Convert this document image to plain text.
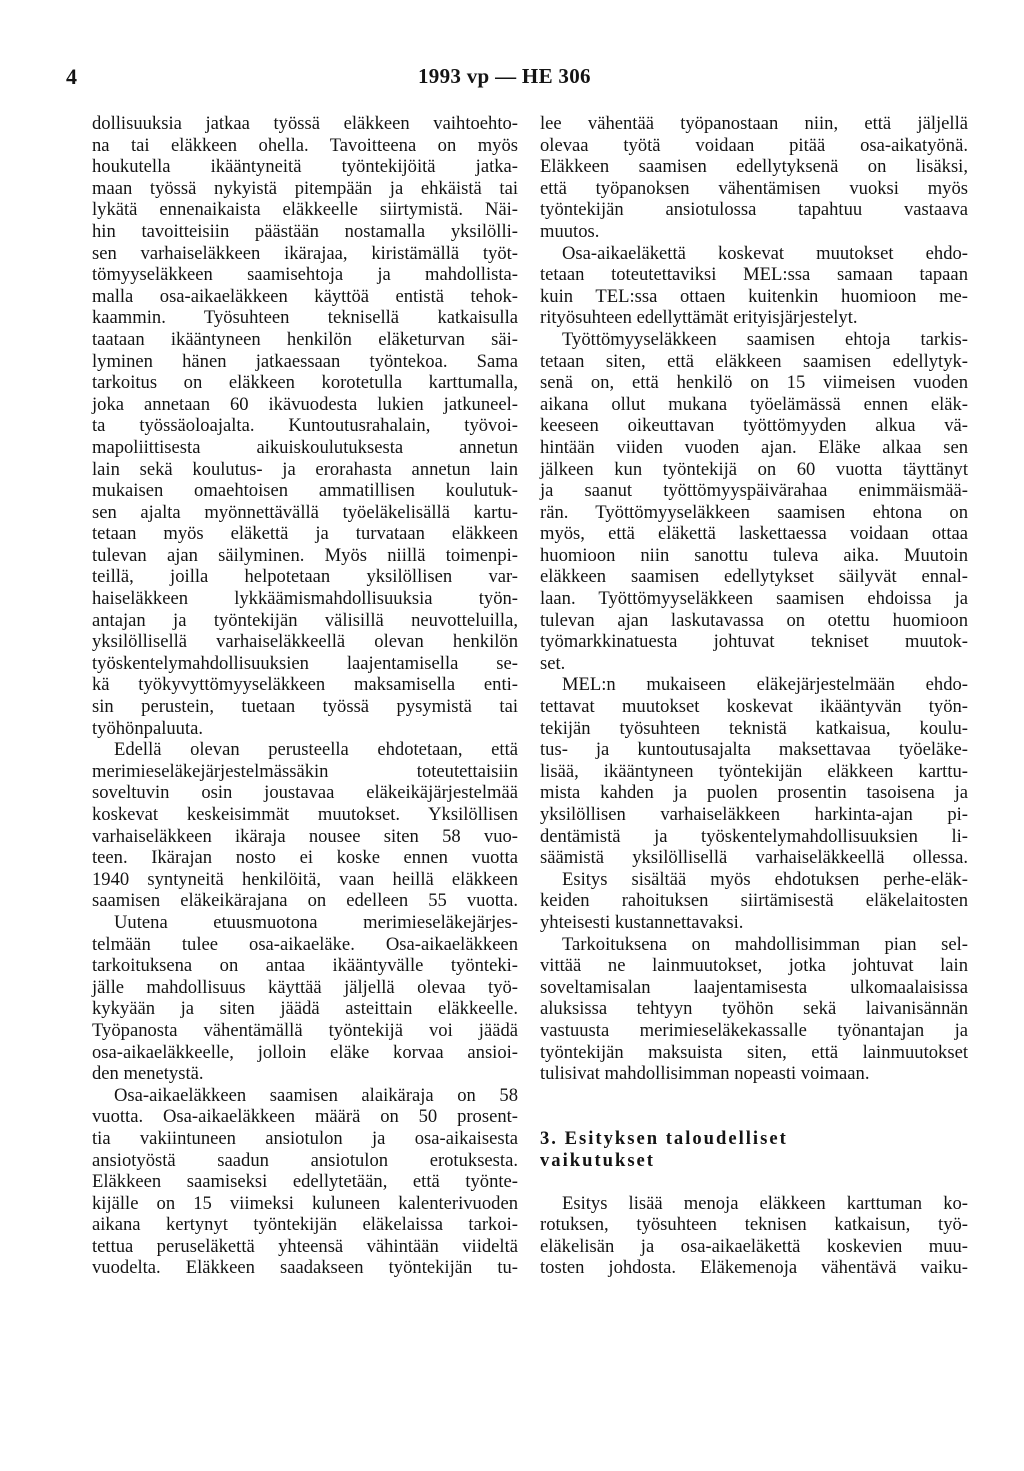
4	1993 vp — HE 306
dollisuuksia jatkaa työssä eläkkeen vaihtoehto-
na tai eläkkeen ohella. Tavoitteena on myös
houkutella ikääntyneitä työntekijöitä jatka-
maan työssä nykyistä pitempään ja ehkäistä tai
lykätä ennenaikaista eläkkeelle siirtymistä. Näi-
hin tavoitteisiin päästään nostamalla yksilölli-
sen varhaiseläkkeen ikärajaa, kiristämällä työt-
tömyyseläkkeen saamisehtoja ja mahdollista-
malla osa-aikaeläkkeen käyttöä entistä tehok-
kaammin. Työsuhteen teknisellä katkaisulla
taataan ikääntyneen henkilön eläketurvan säi-
lyminen hänen jatkaessaan työntekoa. Sama
tarkoitus on eläkkeen korotetulla karttumalla,
joka annetaan 60 ikävuodesta lukien jatkuneel-
ta työssäoloajalta. Kuntoutusrahalain, työvoi-
mapoliittisesta aikuiskoulutuksesta annetun
lain sekä koulutus- ja erorahasta annetun lain
mukaisen omaehtoisen ammatillisen koulutuk-
sen ajalta myönnettävällä työeläkelisällä kartu-
tetaan myös eläkettä ja turvataan eläkkeen
tulevan ajan säilyminen. Myös niillä toimenpi-
teillä, joilla helpotetaan yksilöllisen var-
haiseläkkeen lykkäämismahdollisuuksia työn-
antajan ja työntekijän välisillä neuvotteluilla,
yksilöllisellä varhaiseläkkeellä olevan henkilön
työskentelymahdollisuuksien laajentamisella se-
kä työkyvyttömyyseläkkeen maksamisella enti-
sin perustein, tuetaan työssä pysymistä tai
työhönpaluuta.
Edellä olevan perusteella ehdotetaan, että
merimieseläkejärjestelmässäkin toteutettaisiin
soveltuvin osin joustavaa eläkeikäjärjestelmää
koskevat keskeisimmät muutokset. Yksilöllisen
varhaiseläkkeen ikäraja nousee siten 58 vuo-
teen. Ikärajan nosto ei koske ennen vuotta
1940 syntyneitä henkilöitä, vaan heillä eläkkeen
saamisen eläkeikärajana on edelleen 55 vuotta.
Uutena etuusmuotona merimieseläkejärjes-
telmään tulee osa-aikaeläke. Osa-aikaeläkkeen
tarkoituksena on antaa ikääntyvälle työnteki-
jälle mahdollisuus käyttää jäljellä olevaa työ-
kykyään ja siten jäädä asteittain eläkkeelle.
Työpanosta vähentämällä työntekijä voi jäädä
osa-aikaeläkkeelle, jolloin eläke korvaa ansioi-
den menetystä.
Osa-aikaeläkkeen saamisen alaikäraja on 58
vuotta. Osa-aikaeläkkeen määrä on 50 prosent-
tia vakiintuneen ansiotulon ja osa-aikaisesta
ansiotyöstä saadun ansiotulon erotuksesta.
Eläkkeen saamiseksi edellytetään, että työnte-
kijälle on 15 viimeksi kuluneen kalenterivuoden
aikana kertynyt työntekijän eläkelaissa tarkoi-
tettua peruseläkettä yhteensä vähintään viideltä
vuodelta. Eläkkeen saadakseen työntekijän tu-
lee vähentää työpanostaan niin, että jäljellä
olevaa työtä voidaan pitää osa-aikatyönä.
Eläkkeen saamisen edellytyksenä on lisäksi,
että työpanoksen vähentämisen vuoksi myös
työntekijän ansiotulossa tapahtuu vastaava
muutos.
Osa-aikaeläkettä koskevat muutokset ehdo-
tetaan toteutettaviksi MEL:ssa samaan tapaan
kuin TEL:ssa ottaen kuitenkin huomioon me-
rityösuhteen edellyttämät erityisjärjestelyt.
Työttömyyseläkkeen saamisen ehtoja tarkis-
tetaan siten, että eläkkeen saamisen edellytyk-
senä on, että henkilö on 15 viimeisen vuoden
aikana ollut mukana työelämässä ennen eläk-
keeseen oikeuttavan työttömyyden alkua vä-
hintään viiden vuoden ajan. Eläke alkaa sen
jälkeen kun työntekijä on 60 vuotta täyttänyt
ja saanut työttömyyspäivärahaa enimmäismää-
rän. Työttömyyseläkkeen saamisen ehtona on
myös, että eläkettä laskettaessa voidaan ottaa
huomioon niin sanottu tuleva aika. Muutoin
eläkkeen saamisen edellytykset säilyvät ennal-
laan. Työttömyyseläkkeen saamisen ehdoissa ja
tulevan ajan laskutavassa on otettu huomioon
työmarkkinatuesta johtuvat tekniset muutok-
set.
MEL:n mukaiseen eläkejärjestelmään ehdo-
tettavat muutokset koskevat ikääntyvän työn-
tekijän työsuhteen teknistä katkaisua, koulu-
tus- ja kuntoutusajalta maksettavaa työeläke-
lisää, ikääntyneen työntekijän eläkkeen karttu-
mista kahden ja puolen prosentin tasoisena ja
yksilöllisen varhaiseläkkeen harkinta-ajan pi-
dentämistä ja työskentelymahdollisuuksien li-
säämistä yksilöllisellä varhaiseläkkeellä ollessa.
Esitys sisältää myös ehdotuksen perhe-eläk-
keiden rahoituksen siirtämisestä eläkelaitosten
yhteisesti kustannettavaksi.
Tarkoituksena on mahdollisimman pian sel-
vittää ne lainmuutokset, jotka johtuvat lain
soveltamisalan laajentamisesta ulkomaalaisissa
aluksissa tehtyyn työhön sekä laivanisännän
vastuusta merimieseläkekassalle työnantajan ja
työntekijän maksuista siten, että lainmuutokset
tulisivat mahdollisimman nopeasti voimaan.
3. Esityksen taloudelliset
vaikutukset
Esitys lisää menoja eläkkeen karttuman ko-
rotuksen, työsuhteen teknisen katkaisun, työ-
eläkelisän ja osa-aikaeläkettä koskevien muu-
tosten johdosta. Eläkemenoja vähentävä vaiku-
